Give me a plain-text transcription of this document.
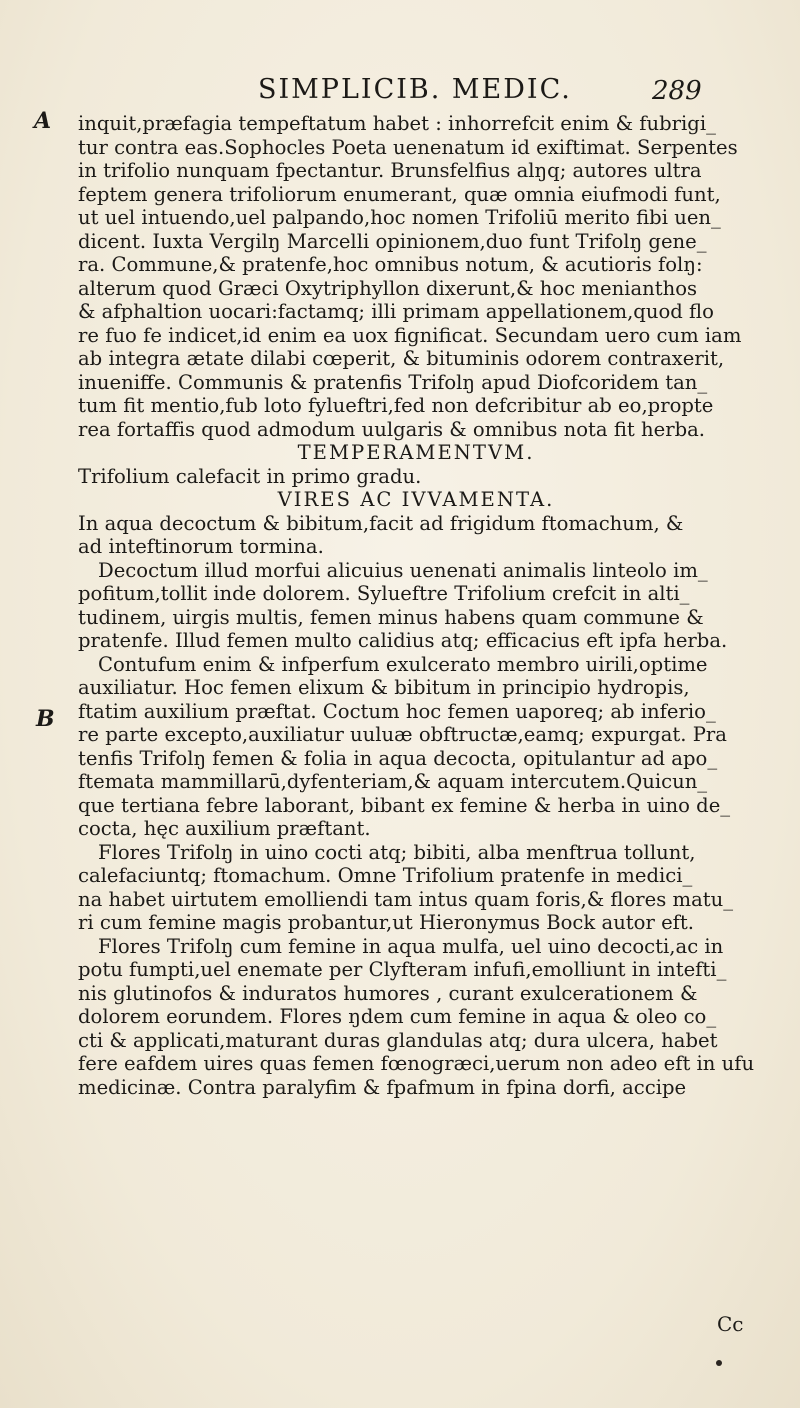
SIMPLICIB. MEDIC.	289
A
B
inquit,præfagia tempeftatum habet : inhorrefcit enim & fubrigi_
tur contra eas.Sophocles Poeta uenenatum id exiftimat. Serpentes
in trifolio nunquam fpectantur. Brunsfelfius alŋq; autores ultra
feptem genera trifoliorum enumerant, quæ omnia eiufmodi funt,
ut uel intuendo,uel palpando,hoc nomen Trifoliū merito fibi uen_
dicent. Iuxta Vergilŋ Marcelli opinionem,duo funt Trifolŋ gene_
ra. Commune,& pratenfe,hoc omnibus notum, & acutioris folŋ:
alterum quod Græci Oxytriphyllon dixerunt,& hoc menianthos
& afphaltion uocari:factamq; illi primam appellationem,quod flo
re fuo fe indicet,id enim ea uox fignificat. Secundam uero cum iam
ab integra ætate dilabi cœperit, & bituminis odorem contraxerit,
inueniffe. Communis & pratenfis Trifolŋ apud Diofcoridem tan_
tum fit mentio,fub loto fylueftri,fed non defcribitur ab eo,propte
rea fortaffis quod admodum uulgaris & omnibus nota fit herba.
TEMPERAMENTVM.
Trifolium calefacit in primo gradu.
VIRES AC IVVAMENTA.
In aqua decoctum & bibitum,facit ad frigidum ftomachum, &
ad inteftinorum tormina.
Decoctum illud morfui alicuius uenenati animalis linteolo im_
pofitum,tollit inde dolorem. Syluеftre Trifolium crefcit in alti_
tudinem, uirgis multis, femen minus habens quam commune &
pratenfe. Illud femen multo calidius atq; efficacius eft ipfa herba.
Contufum enim & infperfum exulcerato membro uirili,optime
auxiliatur. Hoc femen elixum & bibitum in principio hydropis,
ftatim auxilium præftat. Coctum hoc femen uaporeq; ab inferio_
re parte excepto,auxiliatur uuluæ obftructæ,eamq; expurgat. Pra
tenfis Trifolŋ femen & folia in aqua decocta, opitulantur ad apo_
ftemata mammillarū,dyfenteriam,& aquam intercutem.Quicun_
que tertiana febre laborant, bibant ex femine & herba in uino de_
cocta, hęc auxilium præftant.
Flores Trifolŋ in uino cocti atq; bibiti, alba menftrua tollunt,
calefaciuntq; ftomachum. Omne Trifolium pratenfe in medici_
na habet uirtutem emolliendi tam intus quam foris,& flores matu_
ri cum femine magis probantur,ut Hieronymus Bock autor eft.
Flores Trifolŋ cum femine in aqua mulfa, uel uino decocti,ac in
potu fumpti,uel enemate per Clyfteram infufi,emolliunt in intefti_
nis glutinofos & induratos humores , curant exulcerationem &
dolorem eorundem. Flores ŋdem cum femine in aqua & oleo co_
cti & applicati,maturant duras glandulas atq; dura ulcera, habet
fere eafdem uires quas femen fœnogræci,uerum non adeo eft in ufu
medicinæ. Contra paralyfim & fpafmum in fpina dorfi, accipe
Cc
